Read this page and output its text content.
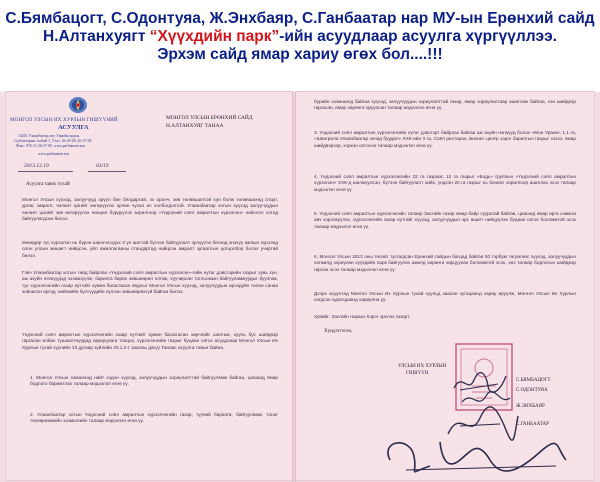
С.Бямбацогт, С.Одонтуяа, Ж.Энхбаяр, С.Ганбаатар нар МУ-ын Ерөнхий сайд
Н.Алтанхуягт “Хүүхдийн парк”-ийн асуудлаар асуулга хүргүүллээ.
Эрхэм сайд ямар хариу өгөх бол....!!!
МОНГОЛ УЛСЫН ИХ ХУРЛЫН ГИШҮҮНИЙ
АСУУЛГА
14201 Улаанбаатар хот, Төрийн ордон,
Сүхбаатарын талбай 1, Утас: 26-26-00, 26-27-00
Факс: 976-11-26-27-00, www.parliament.mn
www.parliament.mn
2013.12.19	03/19
МОНГОЛ УЛСЫН ЕРӨНХИЙ САЙД
Н.АЛТАНХУЯГ ТАНАА
Асуулга тавих тухай
Монгол Улсын хүүхэд, залуучууд эрүүл бие бялдартай, эх оронч, зөв төлөвшилтэй хүн болж төлөвшихөд спорт, урлаг, амралт, чөлөөт цагийг өнгөрүүлэх орчин чухал ач холбогдолтой. Улаанбаатар хотын хүүхэд залуучуудын чөлөөт цагийг зөв өнгөрүүлэх нөхцөл бүрдүүлэх зорилгоор «Үндэсний соёл амралтын хүрээлэн» нийслэл хотод байгуулагдсан билээ.
Өнөөдөр тус хүрээлэн нь бүрэн шинэчлэгдэх 3 үе шаттай бүтээн байгуулалт эрчүүлэх бөгөөд энэхүү ажлын хүрээнд олон улсын жишигт нийцсэн, үйл ажиллагааны стандартад нийцсэн амралт зугаалгын цогцолбор болох учиртай билээ.
Гэвч Улаанбаатар хотын төвд байрлах «Үндэсний соёл амралтын хүрээлэн»-гийн нутаг дэвсгэрийн газрыг хувь хүн, аж ахуйн нэгжүүдэд эзэмшүүлж, барилга барих зөвшөөрөл олгож, хуучирсан тоглоомын байгууламжуудыг буулгаж, тус хүрээлэнгийн газар нутгийг хумин багасгасан явдлыг Монгол Улсын хүүхэд, залуучуудын ирээдүйн төлөө санаа зовнисон иргэд, нийгмийн бүлгүүдийн хүлээн зөвшөөрөхгүй байгаа билээ.
Үндэсний соёл амралтын хүрээлэнгийн газар нутгийг хумин багасгасан зөрчлийг шалгаж, хууль бус шийдвэр гаргасан албан тушаалтнуудад хариуцлага тооцох, хүрээлэнгийн газрыг буцаан олгох асуудлаар Монгол Улсын Их Хурлын тухай хуулийн 33 дугаар зүйлийн 33.1.2-т заасны дагуу Танаас асуулга тавьж байна.
1. Монгол Улсын хэмжээнд нийт хэдэн хүүхэд, залуучуудын зориулалттай байгууламж байгаа, цаашид ямар бодлого баримтлах талаар мэдээлэл өгнө үү.
2. Улаанбаатар хотын Үндэсний соёл амралтын хүрээлэнгийн газар, түүний барилга, байгууламж, тоног төхөөрөмжийн эзэмшлийн талаар мэдээлэл өгнө үү.
бүрийн эзэмшилд байгаа хүүхэд, залуучуудын зориулалттай газар, ямар зориулалтаар ашиглаж байгаа, хэн шийдвэр гаргасан, ямар хөрөнгө оруулсан талаар мэдээлэл өгнө үү.
3. Үндэсний соёл амралтын хүрээлэнгийн нутаг дэвсгэрт байрлах байгаа аж ахуйн нэгжүүд болох «Мон Ураан» 1.1 га, «Шангрила Улаанбаатар зочид буудал» ХХК-ийн 3 га, Соёл ресторан, Бизнес центр зэрэг барилгын газрыг хэзээ, ямар шийдвэрээр, хэрхэн олгосон талаар мэдээлэл өгнө үү.
4. Үндэсний соёл амралтын хүрээлэнгийн 32 га газраас 12 га газрыг «Бодь» группын «Үндэсний соёл амралтын хүрээлэн» ХХК-д шилжүүлсэн, бүтээн байгуулалт хийх, үндсэн 20 га газрыг нь бизнес зорилгоор ашиглах эсэх талаар мэдээлэл өгнө үү.
5. Үндэсний соёл амралтын хүрээлэнгийн талаар Засгийн газар ямар байр суурьтай байгаа, цаашид ямар арга хэмжээ авч хэрэгжүүлэх, хүрээлэнгийн газар нутгийг хүүхэд, залуучуудын эрх ашигт нийцүүлэн буцаан олгох боломжтой эсэх талаар мэдээлэл өгнө үү.
6. Монгол Улсын 2013 оны төсөвт тусгагдсан Ерөнхий сайдын багцад байгаа 50 тэрбум төгрөгөөс хүүхэд, залуучуудын хөгжилд зориулан хүүхдийн парк байгуулах ажилд хөрөнгө зарцуулах боломжтой эсэх, энэ талаар бодлогын шийдвэр гарсан эсэх талаар мэдээлэл өгнө үү.
Дээрх асуултад Монгол Улсын Их Хурлын тухай хуульд заасан хугацаанд хариу ирүүлж, Монгол Улсын Их Хурлын нэгдсэн хуралдаанд хариулна уу.
Хувийг: Засгийн газрын Хэрэг эрхлэх газарт.
Хүндэтгэсэн,
УЛСЫН ИХ ХУРЛЫН
ГИШҮҮН
С.БЯМБАЦОГТ
С.ОДОНТУЯА
Ж.ЭНХБАЯР
С.ГАНБААТАР
